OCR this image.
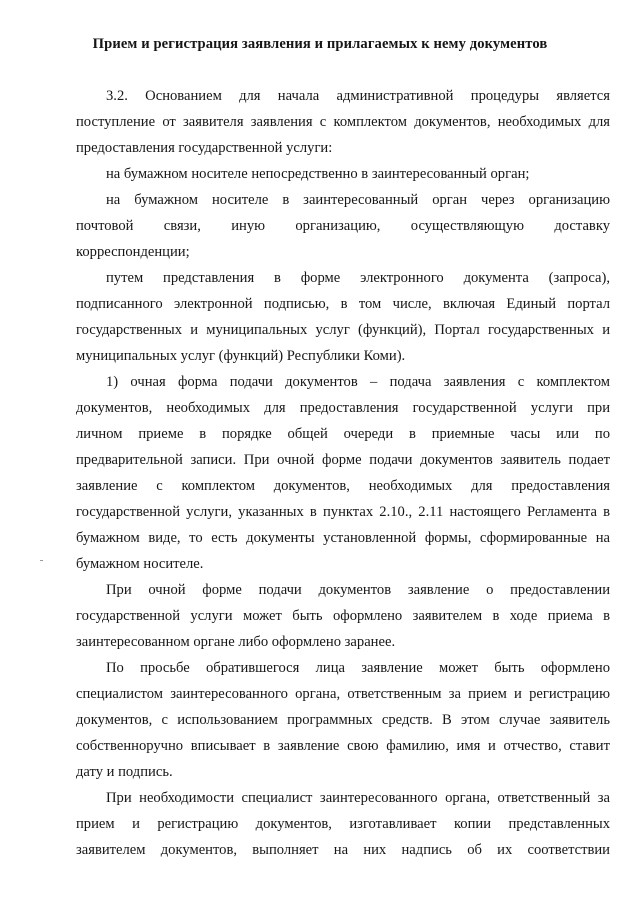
Прием и регистрация заявления и прилагаемых к нему документов
3.2. Основанием для начала административной процедуры является
поступление от заявителя заявления с комплектом документов, необходимых для
предоставления государственной услуги:
на бумажном носителе непосредственно в заинтересованный орган;
на бумажном носителе в заинтересованный орган через организацию
почтовой связи, иную организацию, осуществляющую доставку
корреспонденции;
путем представления в форме электронного документа (запроса),
подписанного электронной подписью, в том числе, включая Единый портал
государственных и муниципальных услуг (функций), Портал государственных и
муниципальных услуг (функций) Республики Коми).
1) очная форма подачи документов – подача заявления с комплектом
документов, необходимых для предоставления государственной услуги при
личном приеме в порядке общей очереди в приемные часы или по
предварительной записи. При очной форме подачи документов заявитель подает
заявление с комплектом документов, необходимых для предоставления
государственной услуги, указанных в пунктах 2.10., 2.11 настоящего Регламента в
бумажном виде, то есть документы установленной формы, сформированные на
бумажном носителе.
При очной форме подачи документов заявление о предоставлении
государственной услуги может быть оформлено заявителем в ходе приема в
заинтересованном органе либо оформлено заранее.
По просьбе обратившегося лица заявление может быть оформлено
специалистом заинтересованного органа, ответственным за прием и регистрацию
документов, с использованием программных средств. В этом случае заявитель
собственноручно вписывает в заявление свою фамилию, имя и отчество, ставит
дату и подпись.
При необходимости специалист заинтересованного органа, ответственный за
прием и регистрацию документов, изготавливает копии представленных
заявителем документов, выполняет на них надпись об их соответствии
